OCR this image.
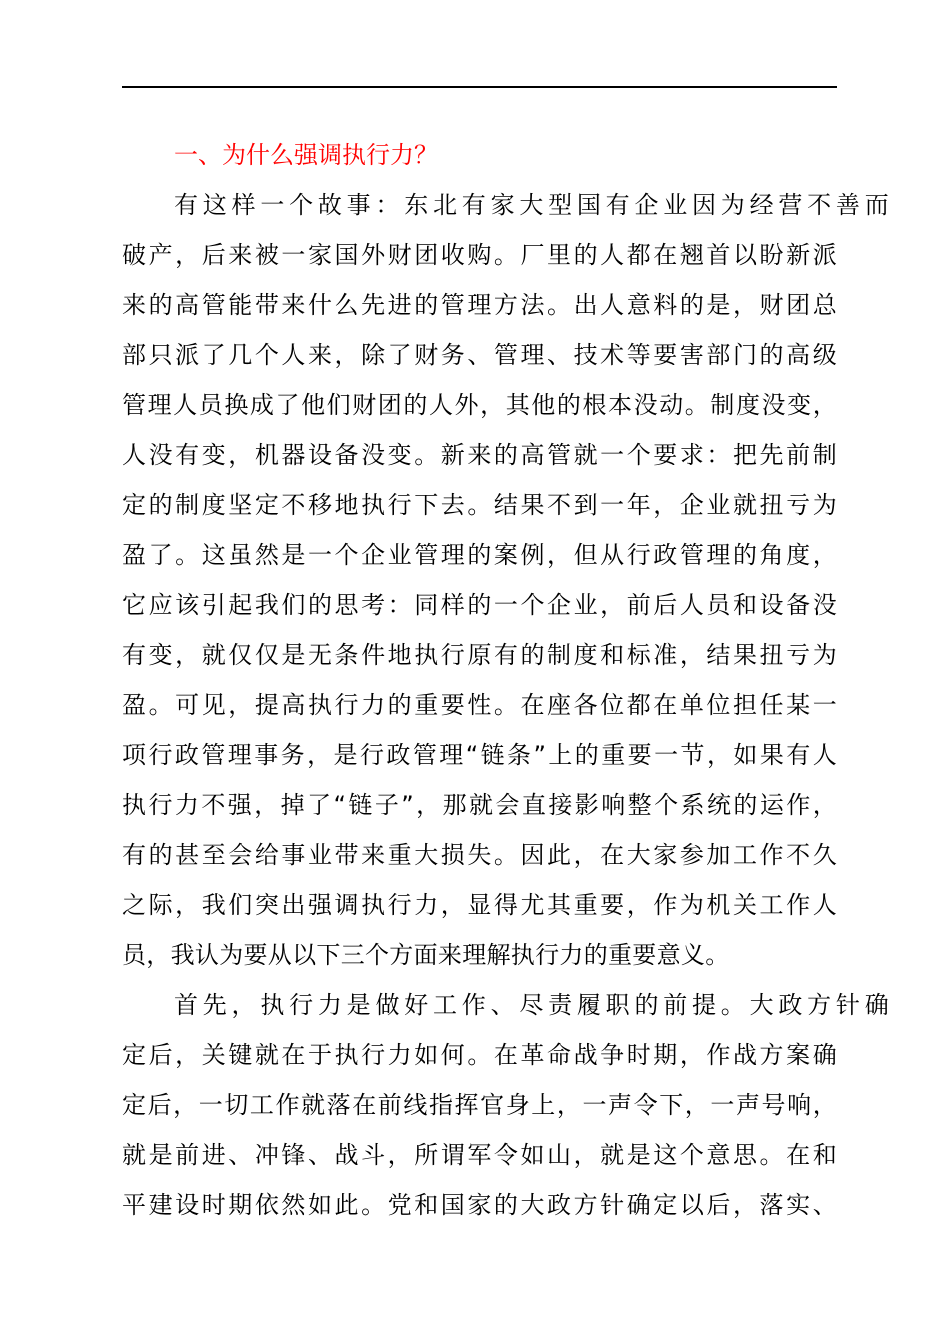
一、为什么强调执行力？
有这样一个故事：东北有家大型国有企业因为经营不善而
破产，后来被一家国外财团收购。厂里的人都在翘首以盼新派
来的高管能带来什么先进的管理方法。出人意料的是，财团总
部只派了几个人来，除了财务、管理、技术等要害部门的高级
管理人员换成了他们财团的人外，其他的根本没动。制度没变，
人没有变，机器设备没变。新来的高管就一个要求：把先前制
定的制度坚定不移地执行下去。结果不到一年，企业就扭亏为
盈了。这虽然是一个企业管理的案例，但从行政管理的角度，
它应该引起我们的思考：同样的一个企业，前后人员和设备没
有变，就仅仅是无条件地执行原有的制度和标准，结果扭亏为
盈。可见，提高执行力的重要性。在座各位都在单位担任某一
项行政管理事务，是行政管理“链条”上的重要一节，如果有人
执行力不强，掉了“链子”，那就会直接影响整个系统的运作，
有的甚至会给事业带来重大损失。因此，在大家参加工作不久
之际，我们突出强调执行力，显得尤其重要，作为机关工作人
员，我认为要从以下三个方面来理解执行力的重要意义。
首先，执行力是做好工作、尽责履职的前提。大政方针确
定后，关键就在于执行力如何。在革命战争时期，作战方案确
定后，一切工作就落在前线指挥官身上，一声令下，一声号响，
就是前进、冲锋、战斗，所谓军令如山，就是这个意思。在和
平建设时期依然如此。党和国家的大政方针确定以后，落实、
